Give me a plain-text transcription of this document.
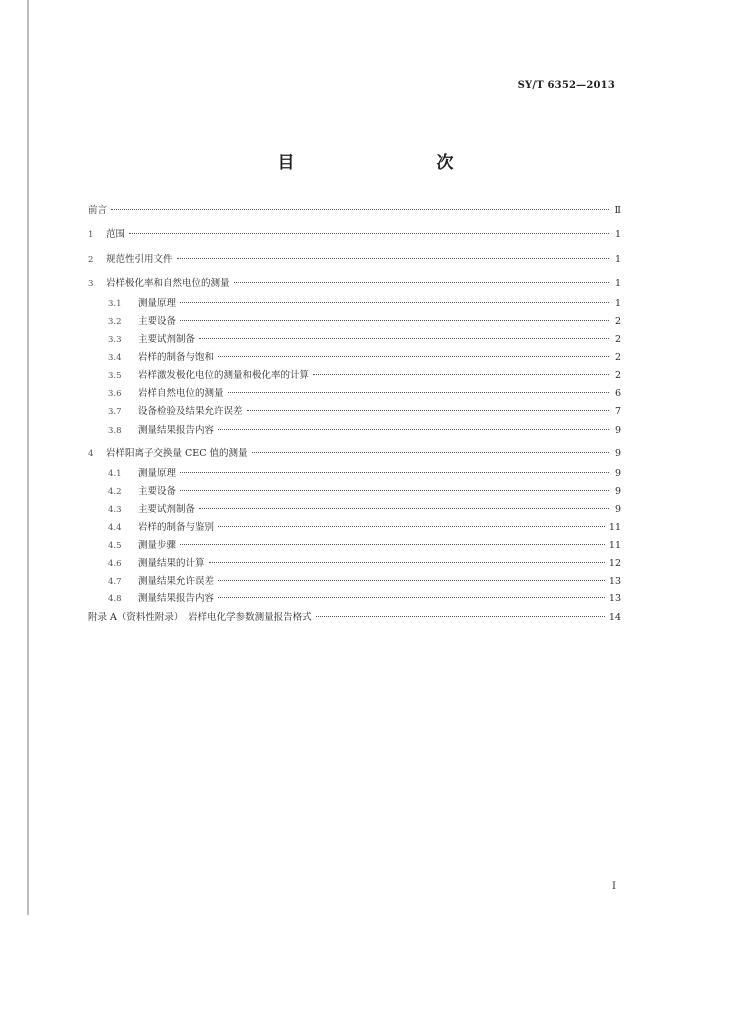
SY/T 6352—2013
目　　次
前言	Ⅱ
1	范围	1
2	规范性引用文件	1
3	岩样极化率和自然电位的测量	1
3.1	测量原理	1
3.2	主要设备	2
3.3	主要试剂制备	2
3.4	岩样的制备与饱和	2
3.5	岩样激发极化电位的测量和极化率的计算	2
3.6	岩样自然电位的测量	6
3.7	设备检验及结果允许误差	7
3.8	测量结果报告内容	9
4	岩样阳离子交换量 CEC 值的测量	9
4.1	测量原理	9
4.2	主要设备	9
4.3	主要试剂制备	9
4.4	岩样的制备与鉴别	11
4.5	测量步骤	11
4.6	测量结果的计算	12
4.7	测量结果允许误差	13
4.8	测量结果报告内容	13
附录 A（资料性附录）　岩样电化学参数测量报告格式	14
Ⅰ
